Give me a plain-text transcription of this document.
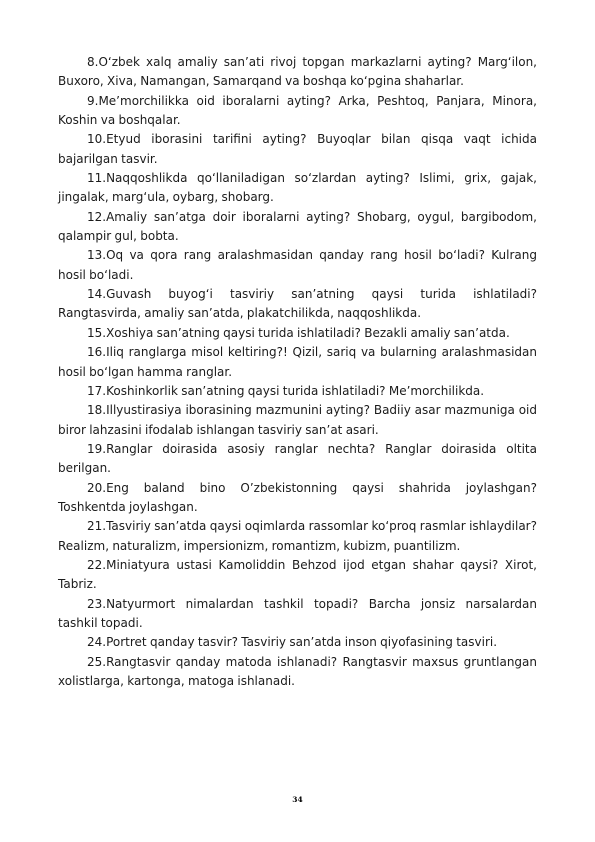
8.O‘zbek xalq amaliy san’ati rivoj topgan markazlarni ayting? Marg‘ilon, Buxoro, Xiva, Namangan, Samarqand va boshqa ko‘pgina shaharlar.

9.Me’morchilikka oid iboralarni ayting? Arka, Peshtoq, Panjara, Minora, Koshin va boshqalar.

10.Etyud iborasini tarifini ayting? Buyoqlar bilan qisqa vaqt ichida bajarilgan tasvir.

11.Naqqoshlikda qo‘llaniladigan so‘zlardan ayting? Islimi, grix, gajak, jingalak, marg‘ula, oybarg, shobarg.

12.Amaliy san’atga doir iboralarni ayting? Shobarg, oygul, bargibodom, qalampir gul, bobta.

13.Oq va qora rang aralashmasidan qanday rang hosil bo‘ladi? Kulrang hosil bo‘ladi.

14.Guvash buyog‘i tasviriy san’atning qaysi turida ishlatiladi? Rangtasvirda, amaliy san’atda, plakatchilikda, naqqoshlikda.

15.Xoshiya san’atning qaysi turida ishlatiladi? Bezakli amaliy san’atda.

16.Iliq ranglarga misol keltiring?! Qizil, sariq va bularning aralashmasidan hosil bo‘lgan hamma ranglar.

17.Koshinkorlik san’atning qaysi turida ishlatiladi? Me’morchilikda.

18.Illyustirasiya iborasining mazmunini ayting? Badiiy asar mazmuniga oid biror lahzasini ifodalab ishlangan tasviriy san’at asari.

19.Ranglar doirasida asosiy ranglar nechta? Ranglar doirasida oltita berilgan.

20.Eng baland bino O’zbekistonning qaysi shahrida joylashgan? Toshkentda joylashgan.

21.Tasviriy san’atda qaysi oqimlarda rassomlar ko‘proq rasmlar ishlaydilar? Realizm, naturalizm, impersionizm, romantizm, kubizm, puantilizm.

22.Miniatyura ustasi Kamoliddin Behzod ijod etgan shahar qaysi? Xirot, Tabriz.

23.Natyurmort nimalardan tashkil topadi? Barcha jonsiz narsalardan tashkil topadi.

24.Portret qanday tasvir? Tasviriy san’atda inson qiyofasining tasviri.

25.Rangtasvir qanday matoda ishlanadi? Rangtasvir maxsus gruntlangan xolistlarga, kartonga, matoga ishlanadi.

34
